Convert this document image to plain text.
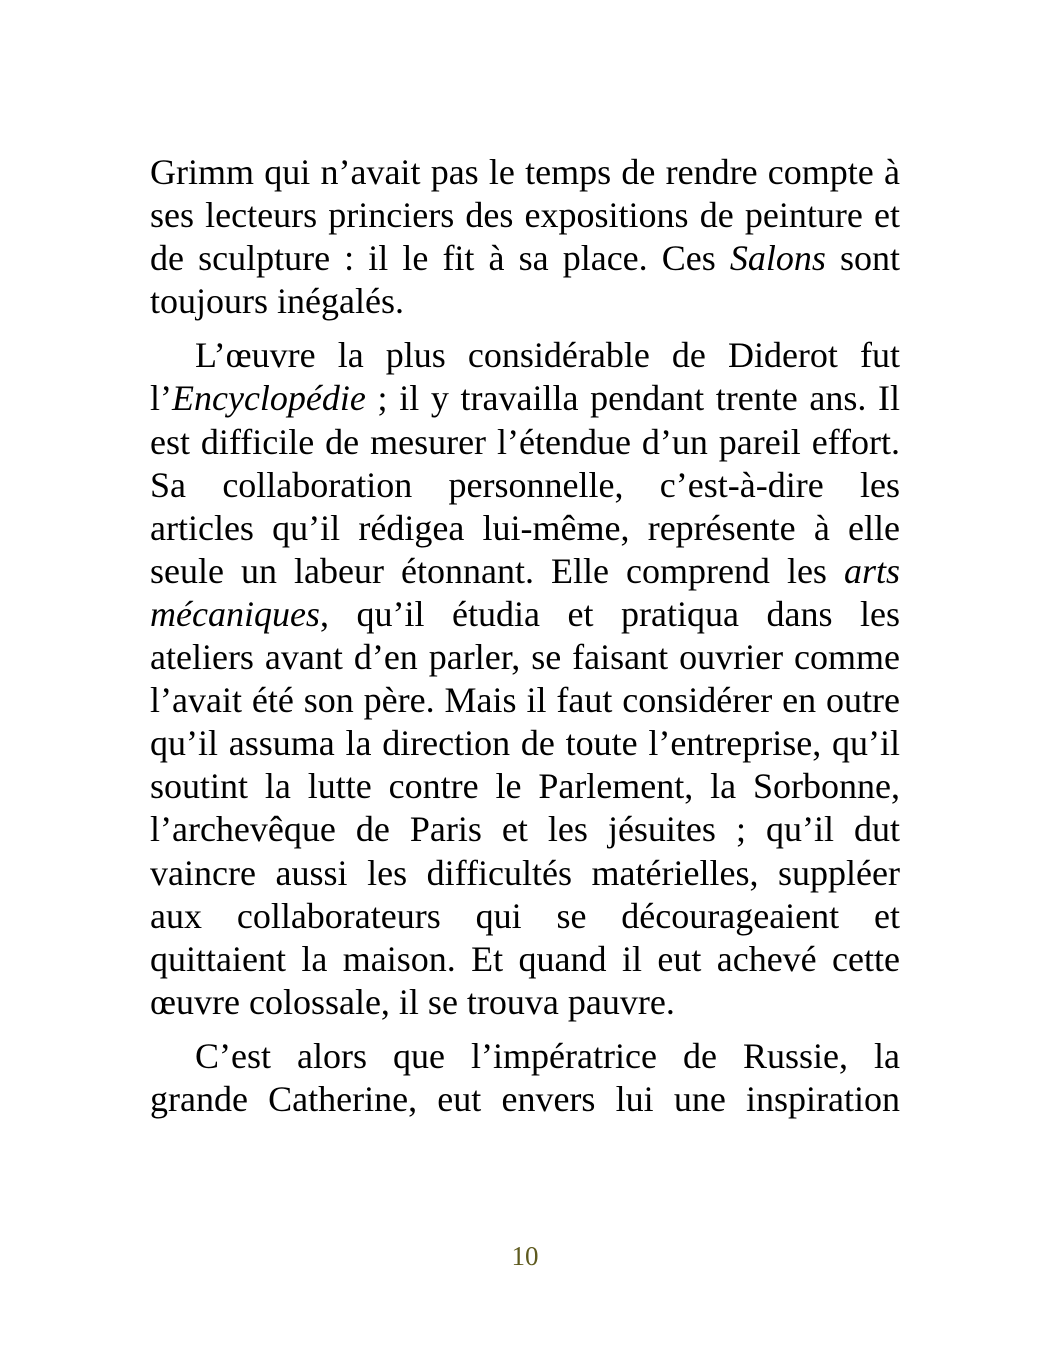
Grimm qui n’avait pas le temps de rendre compte à ses lecteurs princiers des expositions de peinture et de sculpture : il le fit à sa place. Ces Salons sont toujours inégalés.

L’œuvre la plus considérable de Diderot fut l’Encyclopédie ; il y travailla pendant trente ans. Il est difficile de mesurer l’étendue d’un pareil effort. Sa collaboration personnelle, c’est-à-dire les articles qu’il rédigea lui-même, représente à elle seule un labeur étonnant. Elle comprend les arts mécaniques, qu’il étudia et pratiqua dans les ateliers avant d’en parler, se faisant ouvrier comme l’avait été son père. Mais il faut considérer en outre qu’il assuma la direction de toute l’entreprise, qu’il soutint la lutte contre le Parlement, la Sorbonne, l’archevêque de Paris et les jésuites ; qu’il dut vaincre aussi les difficultés matérielles, suppléer aux collaborateurs qui se décourageaient et quittaient la maison. Et quand il eut achevé cette œuvre colossale, il se trouva pauvre.

C’est alors que l’impératrice de Russie, la grande Catherine, eut envers lui une inspiration

10
